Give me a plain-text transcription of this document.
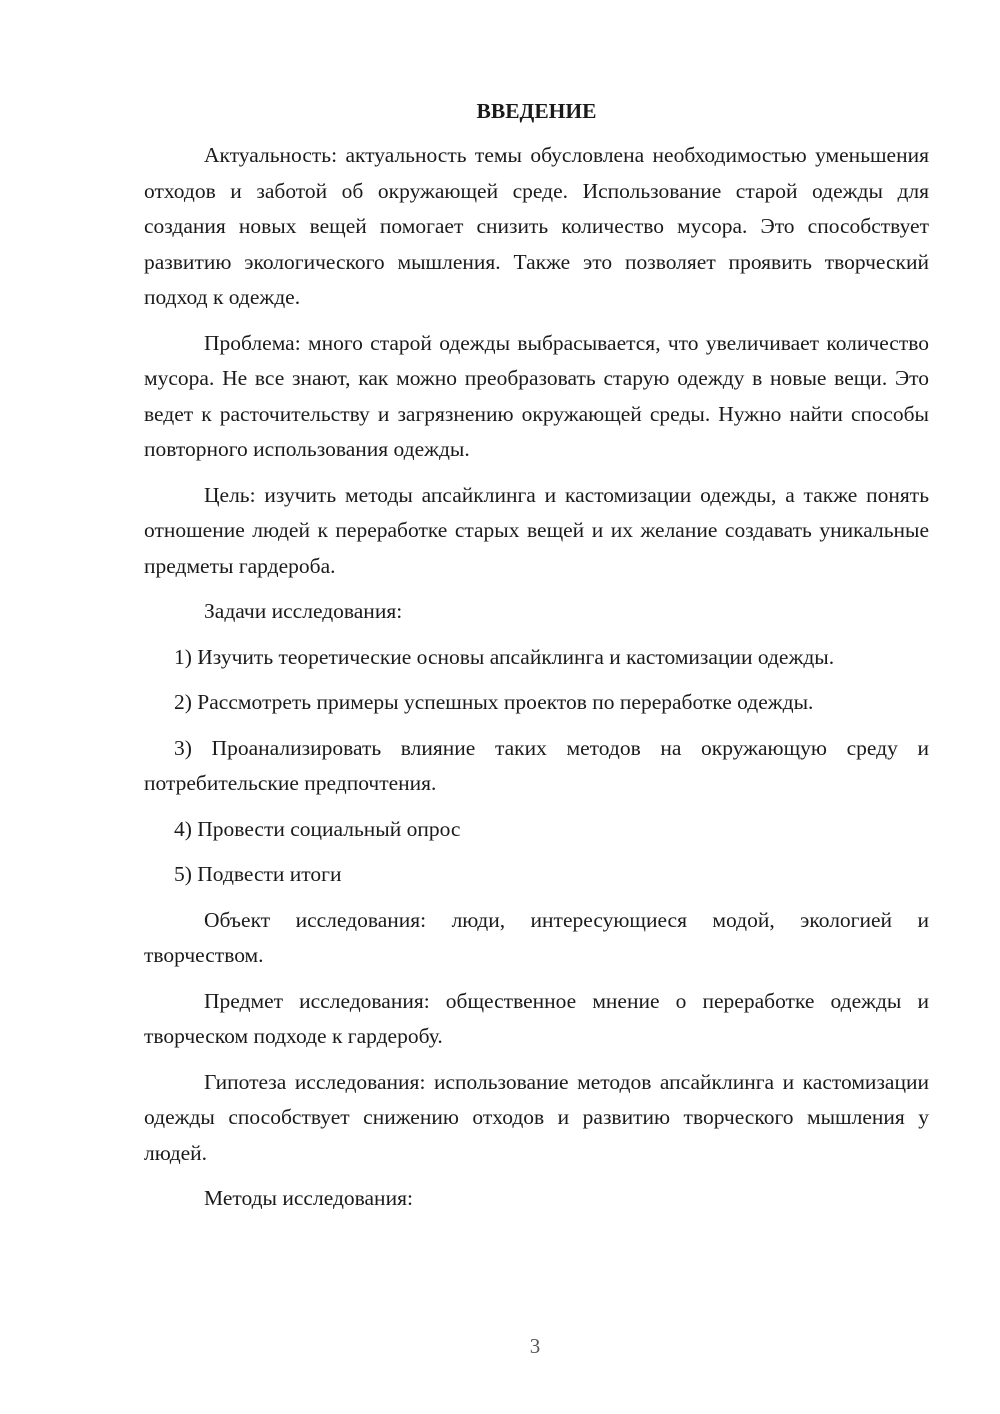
ВВЕДЕНИЕ

Актуальность: актуальность темы обусловлена необходимостью уменьшения отходов и заботой об окружающей среде. Использование старой одежды для создания новых вещей помогает снизить количество мусора. Это способствует развитию экологического мышления. Также это позволяет проявить творческий подход к одежде.

Проблема: много старой одежды выбрасывается, что увеличивает количество мусора. Не все знают, как можно преобразовать старую одежду в новые вещи. Это ведет к расточительству и загрязнению окружающей среды. Нужно найти способы повторного использования одежды.

Цель: изучить методы апсайклинга и кастомизации одежды, а также понять отношение людей к переработке старых вещей и их желание создавать уникальные предметы гардероба.

Задачи исследования:

1) Изучить теоретические основы апсайклинга и кастомизации одежды.

2) Рассмотреть примеры успешных проектов по переработке одежды.

3) Проанализировать влияние таких методов на окружающую среду и потребительские предпочтения.

4) Провести социальный опрос

5) Подвести итоги

Объект исследования: люди, интересующиеся модой, экологией и творчеством.

Предмет исследования: общественное мнение о переработке одежды и творческом подходе к гардеробу.

Гипотеза исследования: использование методов апсайклинга и кастомизации одежды способствует снижению отходов и развитию творческого мышления у людей.

Методы исследования:

3
